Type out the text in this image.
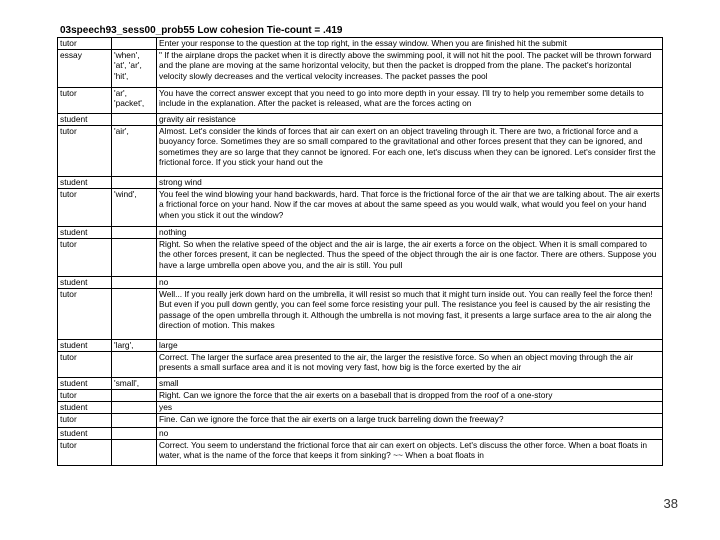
03speech93_sess00_prob55 Low cohesion Tie-count = .419
tutor		Enter your response to the question at the top right, in the essay window. When you are finished hit the submit

essay	'when', 'at', 'ar', 'hit',	" If the airplane drops the packet when it is directly above the swimming pool, it will not hit the pool. The packet will be thrown forward and the plane are moving at the same horizontal velocity, but then the packet is dropped from the plane. The packet's horizontal velocity slowly decreases and the vertical velocity increases. The packet passes the pool

tutor	'ar', 'packet',	You have the correct answer except that you need to go into more depth in your essay. I'll try to help you remember some details to include in the explanation. After the packet is released, what are the forces acting on

student		gravity air resistance

tutor	'air',	Almost. Let's consider the kinds of forces that air can exert on an object traveling through it. There are two, a frictional force and a buoyancy force. Sometimes they are so small compared to the gravitational and other forces present that they can be ignored, and sometimes they are so large that they cannot be ignored. For each one, let's discuss when they can be ignored. Let's consider first the frictional force. If you stick your hand out the

student		strong wind

tutor	'wind',	You feel the wind blowing your hand backwards, hard. That force is the frictional force of the air that we are talking about. The air exerts a frictional force on your hand. Now if the car moves at about the same speed as you would walk, what would you feel on your hand when you stick it out the window?

student		nothing

tutor		Right. So when the relative speed of the object and the air is large, the air exerts a force on the object. When it is small compared to the other forces present, it can be neglected. Thus the speed of the object through the air is one factor. There are others. Suppose you have a large umbrella open above you, and the air is still. You pull

student		no

tutor		Well... If you really jerk down hard on the umbrella, it will resist so much that it might turn inside out. You can really feel the force then! But even if you pull down gently, you can feel some force resisting your pull. The resistance you feel is caused by the air resisting the passage of the open umbrella through it. Although the umbrella is not moving fast, it presents a large surface area to the air along the direction of motion. This makes

student	'larg',	large

tutor		Correct. The larger the surface area presented to the air, the larger the resistive force. So when an object moving through the air presents a small surface area and it is not moving very fast, how big is the force exerted by the air

student	'small',	small

tutor		Right. Can we ignore the force that the air exerts on a baseball that is dropped from the roof of a one-story

student		yes

tutor		Fine. Can we ignore the force that the air exerts on a large truck barreling down the freeway?

student		no

tutor		Correct. You seem to understand the frictional force that air can exert on objects. Let's discuss the other force. When a boat floats in water, what is the name of the force that keeps it from sinking? ~~ When a boat floats in
38
